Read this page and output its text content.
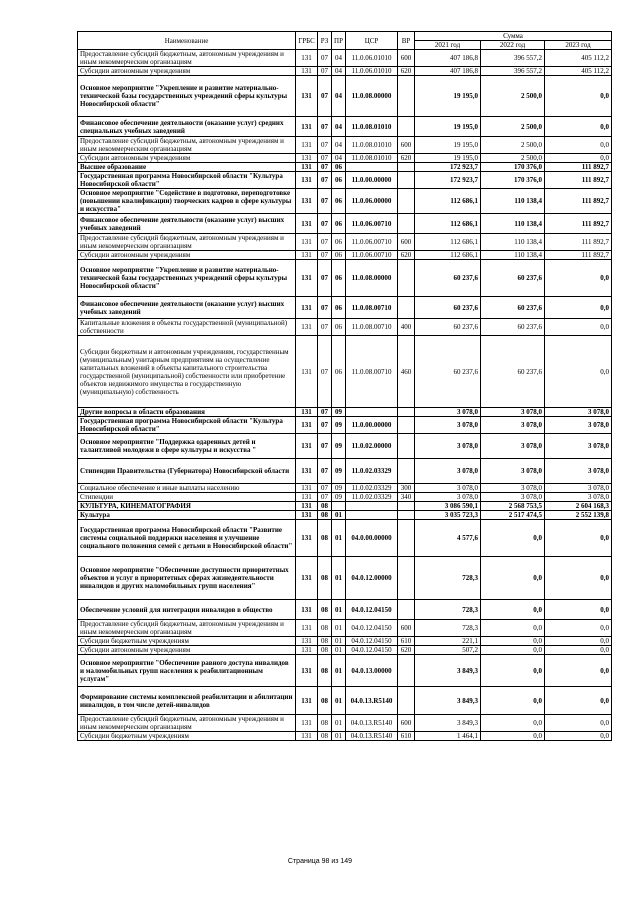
Наименование	ГРБС	РЗ	ПР	ЦСР	ВР	Сумма		
						2021 год	2022 год	2023 год
Предоставление субсидий бюджетным, автономным учреждениям и иным некоммерческим организациям	131	07	04	11.0.06.01010	600	407 186,8	396 557,2	405 112,2
Субсидии автономным учреждениям	131	07	04	11.0.06.01010	620	407 186,8	396 557,2	405 112,2
Основное мероприятие "Укрепление и развитие материально-технической базы государственных учреждений сферы культуры Новосибирской области"	131	07	04	11.0.08.00000		19 195,0	2 500,0	0,0
Финансовое обеспечение деятельности (оказание услуг) средних специальных учебных заведений	131	07	04	11.0.08.01010		19 195,0	2 500,0	0,0
Предоставление субсидий бюджетным, автономным учреждениям и иным некоммерческим организациям	131	07	04	11.0.08.01010	600	19 195,0	2 500,0	0,0
Субсидии автономным учреждениям	131	07	04	11.0.08.01010	620	19 195,0	2 500,0	0,0
Высшее образование	131	07	06			172 923,7	170 376,0	111 892,7
Государственная программа Новосибирской области "Культура Новосибирской области"	131	07	06	11.0.00.00000		172 923,7	170 376,0	111 892,7
Основное мероприятие "Содействие в подготовке, переподготовке (повышении квалификации) творческих кадров в сфере культуры и искусства"	131	07	06	11.0.06.00000		112 686,1	110 138,4	111 892,7
Финансовое обеспечение деятельности (оказание услуг) высших учебных заведений	131	07	06	11.0.06.00710		112 686,1	110 138,4	111 892,7
Предоставление субсидий бюджетным, автономным учреждениям и иным некоммерческим организациям	131	07	06	11.0.06.00710	600	112 686,1	110 138,4	111 892,7
Субсидии автономным учреждениям	131	07	06	11.0.06.00710	620	112 686,1	110 138,4	111 892,7
Основное мероприятие "Укрепление и развитие материально-технической базы государственных учреждений сферы культуры Новосибирской области"	131	07	06	11.0.08.00000		60 237,6	60 237,6	0,0
Финансовое обеспечение деятельности (оказание услуг) высших учебных заведений	131	07	06	11.0.08.00710		60 237,6	60 237,6	0,0
Капитальные вложения в объекты государственной (муниципальной) собственности	131	07	06	11.0.08.00710	400	60 237,6	60 237,6	0,0
Субсидии бюджетным и автономным учреждениям, государственным (муниципальным) унитарным предприятиям на осуществление капитальных вложений в объекты капитального строительства государственной (муниципальной) собственности или приобретение объектов недвижимого имущества в государственную (муниципальную) собственность	131	07	06	11.0.08.00710	460	60 237,6	60 237,6	0,0
Другие вопросы в области образования	131	07	09			3 078,0	3 078,0	3 078,0
Государственная программа Новосибирской области "Культура Новосибирской области"	131	07	09	11.0.00.00000		3 078,0	3 078,0	3 078,0
Основное мероприятие "Поддержка одаренных детей и талантливой молодежи в сфере культуры и искусства "	131	07	09	11.0.02.00000		3 078,0	3 078,0	3 078,0
Стипендии Правительства (Губернатора) Новосибирской области	131	07	09	11.0.02.03329		3 078,0	3 078,0	3 078,0
Социальное обеспечение и иные выплаты населению	131	07	09	11.0.02.03329	300	3 078,0	3 078,0	3 078,0
Стипендии	131	07	09	11.0.02.03329	340	3 078,0	3 078,0	3 078,0
КУЛЬТУРА, КИНЕМАТОГРАФИЯ	131	08				3 086 590,1	2 568 753,5	2 604 168,3
Культура	131	08	01			3 035 723,3	2 517 474,5	2 552 139,8
Государственная программа Новосибирской области "Развитие системы социальной поддержки населения и улучшение социального положения семей с детьми в Новосибирской области"	131	08	01	04.0.00.00000		4 577,6	0,0	0,0
Основное мероприятие "Обеспечение доступности приоритетных объектов и услуг в приоритетных сферах жизнедеятельности инвалидов и других маломобильных групп населения"	131	08	01	04.0.12.00000		728,3	0,0	0,0
Обеспечение условий для интеграции инвалидов в общество	131	08	01	04.0.12.04150		728,3	0,0	0,0
Предоставление субсидий бюджетным, автономным учреждениям и иным некоммерческим организациям	131	08	01	04.0.12.04150	600	728,3	0,0	0,0
Субсидии бюджетным учреждениям	131	08	01	04.0.12.04150	610	221,1	0,0	0,0
Субсидии автономным учреждениям	131	08	01	04.0.12.04150	620	507,2	0,0	0,0
Основное мероприятие "Обеспечение равного доступа инвалидов и маломобильных групп населения к реабилитационным услугам"	131	08	01	04.0.13.00000		3 849,3	0,0	0,0
Формирование системы комплексной реабилитации и абилитации инвалидов, в том числе детей-инвалидов	131	08	01	04.0.13.R5140		3 849,3	0,0	0,0
Предоставление субсидий бюджетным, автономным учреждениям и иным некоммерческим организациям	131	08	01	04.0.13.R5140	600	3 849,3	0,0	0,0
Субсидии бюджетным учреждениям	131	08	01	04.0.13.R5140	610	1 464,1	0,0	0,0
Страница 98 из 149
